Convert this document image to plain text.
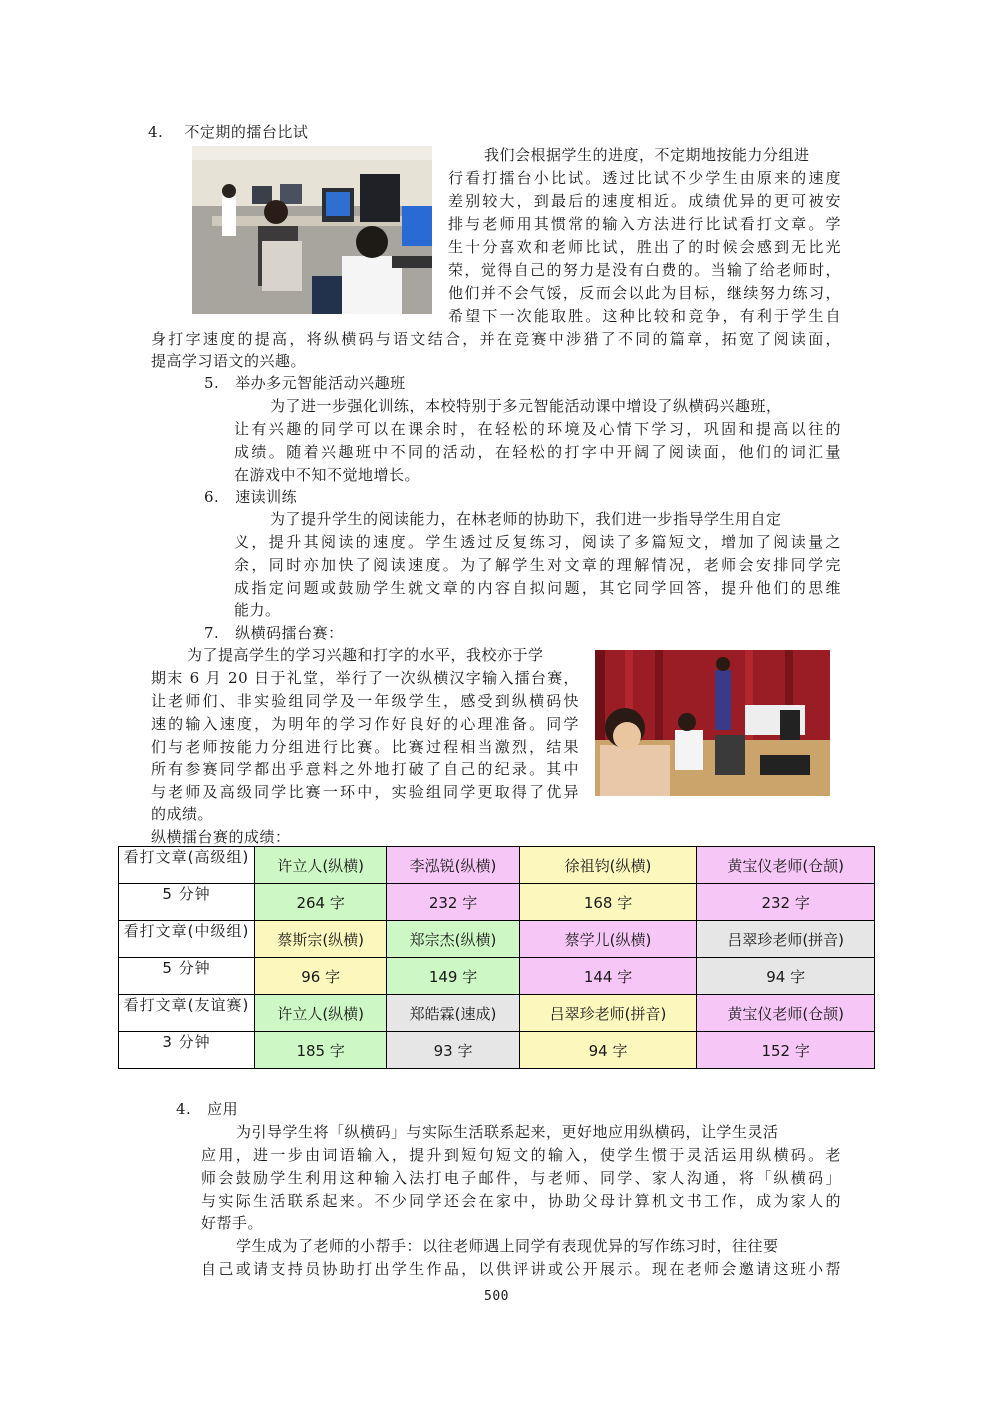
4. 不定期的擂台比试
我们会根据学生的进度，不定期地按能力分组进
行看打擂台小比试。透过比试不少学生由原来的速度
差别较大，到最后的速度相近。成绩优异的更可被安
排与老师用其惯常的输入方法进行比试看打文章。学
生十分喜欢和老师比试，胜出了的时候会感到无比光
荣，觉得自己的努力是没有白费的。当输了给老师时，
他们并不会气馁，反而会以此为目标，继续努力练习，
希望下一次能取胜。这种比较和竞争，有利于学生自
身打字速度的提高，将纵横码与语文结合，并在竞赛中涉猎了不同的篇章，拓宽了阅读面，
提高学习语文的兴趣。
5. 举办多元智能活动兴趣班
为了进一步强化训练，本校特别于多元智能活动课中增设了纵横码兴趣班，
让有兴趣的同学可以在课余时，在轻松的环境及心情下学习，巩固和提高以往的
成绩。随着兴趣班中不同的活动，在轻松的打字中开阔了阅读面，他们的词汇量
在游戏中不知不觉地增长。
6. 速读训练
为了提升学生的阅读能力，在林老师的协助下，我们进一步指导学生用自定
义，提升其阅读的速度。学生透过反复练习，阅读了多篇短文，增加了阅读量之
余，同时亦加快了阅读速度。为了解学生对文章的理解情况，老师会安排同学完
成指定问题或鼓励学生就文章的内容自拟问题，其它同学回答，提升他们的思维
能力。
7. 纵横码擂台赛：
为了提高学生的学习兴趣和打字的水平，我校亦于学
期末 6 月 20 日于礼堂，举行了一次纵横汉字输入擂台赛，
让老师们、非实验组同学及一年级学生，感受到纵横码快
速的输入速度，为明年的学习作好良好的心理准备。同学
们与老师按能力分组进行比赛。比赛过程相当激烈，结果
所有参赛同学都出乎意料之外地打破了自己的纪录。其中
与老师及高级同学比赛一环中，实验组同学更取得了优异
的成绩。
纵横擂台赛的成绩：
看打文章(高级组)	许立人(纵横)	李泓锐(纵横)	徐祖钧(纵横)	黄宝仪老师(仓颉)

5 分钟	264 字	232 字	168 字	232 字

看打文章(中级组)	蔡斯宗(纵横)	郑宗杰(纵横)	蔡学儿(纵横)	吕翠珍老师(拼音)

5 分钟	96 字	149 字	144 字	94 字

看打文章(友谊赛)	许立人(纵横)	郑皓霖(速成)	吕翠珍老师(拼音)	黄宝仪老师(仓颉)

3 分钟	185 字	93 字	94 字	152 字
4. 应用
为引导学生将「纵横码」与实际生活联系起来，更好地应用纵横码，让学生灵活
应用，进一步由词语输入，提升到短句短文的输入，使学生惯于灵活运用纵横码。老
师会鼓励学生利用这种输入法打电子邮件，与老师、同学、家人沟通，将「纵横码」
与实际生活联系起来。不少同学还会在家中，协助父母计算机文书工作，成为家人的
好帮手。
学生成为了老师的小帮手：以往老师遇上同学有表现优异的写作练习时，往往要
自己或请支持员协助打出学生作品，以供评讲或公开展示。现在老师会邀请这班小帮
500
